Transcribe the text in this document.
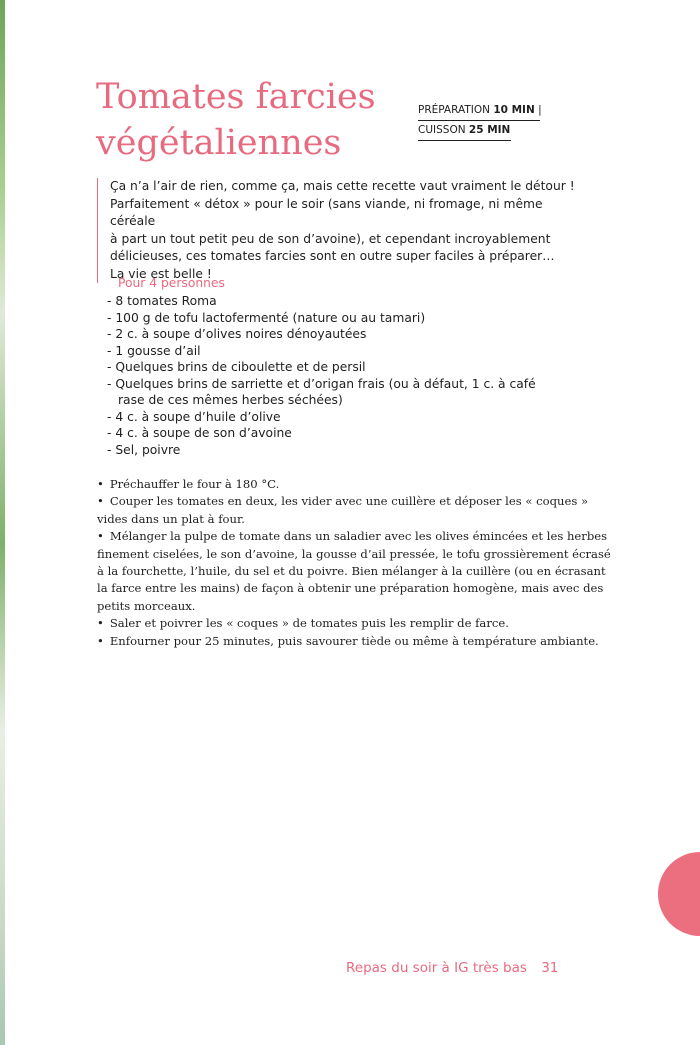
Tomates farcies
végétaliennes
PRÉPARATION 10 MIN |
CUISSON 25 MIN

Ça n’a l’air de rien, comme ça, mais cette recette vaut vraiment le détour !

Parfaitement « détox » pour le soir (sans viande, ni fromage, ni même céréale

à part un tout petit peu de son d’avoine), et cependant incroyablement

délicieuses, ces tomates farcies sont en outre super faciles à préparer…

La vie est belle !

Pour 4 personnes
- 8 tomates Roma
- 100 g de tofu lactofermenté (nature ou au tamari)
- 2 c. à soupe d’olives noires dénoyautées
- 1 gousse d’ail
- Quelques brins de ciboulette et de persil
- Quelques brins de sarriette et d’origan frais (ou à défaut, 1 c. à café rase de ces mêmes herbes séchées)
- 4 c. à soupe d’huile d’olive
- 4 c. à soupe de son d’avoine
- Sel, poivre
• Préchauffer le four à 180 °C.
• Couper les tomates en deux, les vider avec une cuillère et déposer les « coques » vides dans un plat à four.
• Mélanger la pulpe de tomate dans un saladier avec les olives émincées et les herbes finement ciselées, le son d’avoine, la gousse d’ail pressée, le tofu grossièrement écrasé à la fourchette, l’huile, du sel et du poivre. Bien mélanger à la cuillère (ou en écrasant la farce entre les mains) de façon à obtenir une préparation homogène, mais avec des petits morceaux.
• Saler et poivrer les « coques » de tomates puis les remplir de farce.
• Enfourner pour 25 minutes, puis savourer tiède ou même à température ambiante.
Repas du soir à IG très bas 31
